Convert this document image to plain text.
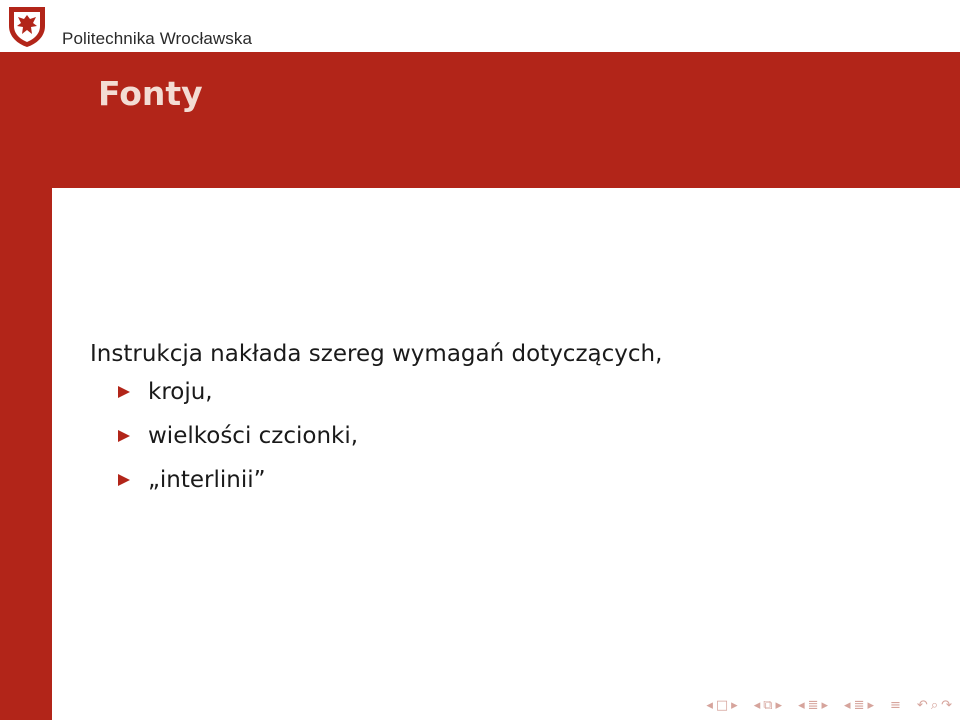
Politechnika Wrocławska
Fonty

Instrukcja nakłada szereg wymagań dotyczących,

kroju,
wielkości czcionki,
„interlinii”
◂ □ ▸ ◂ ⧉ ▸ ◂ ≣ ▸ ◂ ≣ ▸ ≡ ↶ ⌕ ↷
